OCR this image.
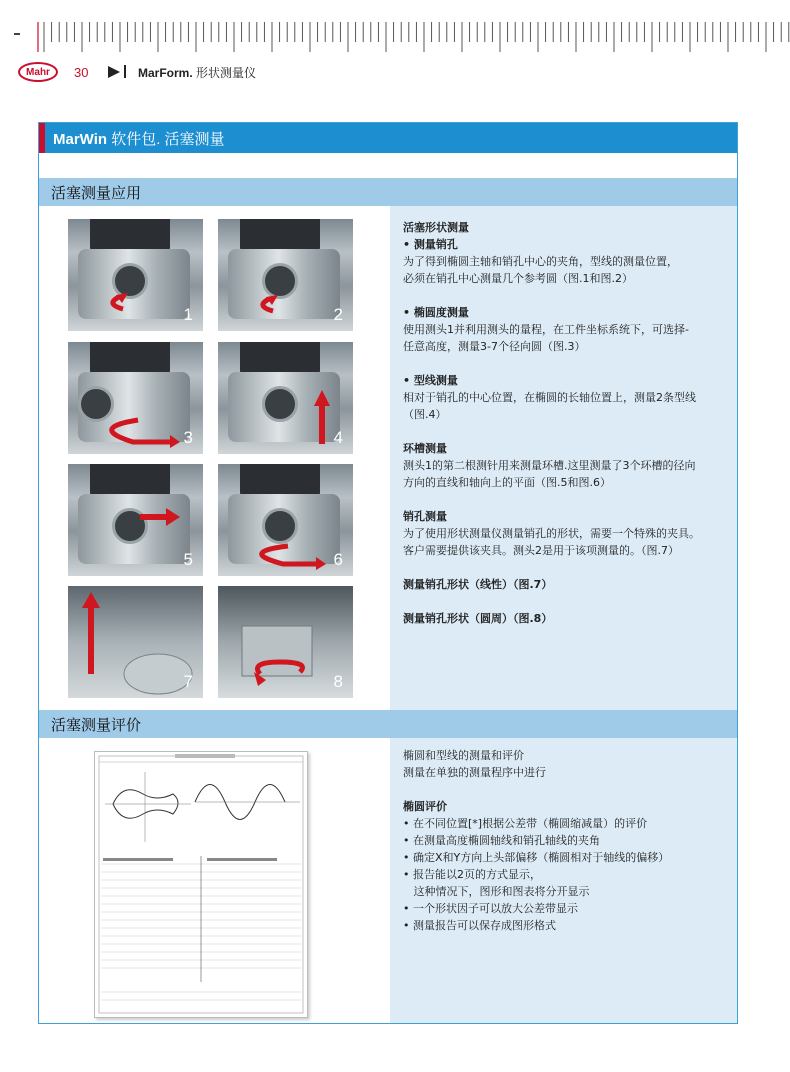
Mahr 30	MarForm. 形状测量仪
MarWin 软件包. 活塞测量
活塞测量应用
1	2
3	4
5	6
7	8

活塞形状测量

• 测量销孔

为了得到椭圆主轴和销孔中心的夹角，型线的测量位置，

必须在销孔中心测量几个参考圆（图.1和图.2）

• 椭圆度测量

使用测头1并利用测头的量程，在工件坐标系统下，可选择-

任意高度，测量3-7个径向圆（图.3）

• 型线测量

相对于销孔的中心位置，在椭圆的长轴位置上，测量2条型线

（图.4）

环槽测量

测头1的第二根测针用来测量环槽.这里测量了3个环槽的径向

方向的直线和轴向上的平面（图.5和图.6）

销孔测量

为了使用形状测量仪测量销孔的形状，需要一个特殊的夹具。

客户需要提供该夹具。测头2是用于该项测量的。（图.7）

测量销孔形状（线性）（图.7）

测量销孔形状（圆周）（图.8）

活塞测量评价

椭圆和型线的测量和评价

测量在单独的测量程序中进行

椭圆评价

• 在不同位置[*]根据公差带（椭圆缩减量）的评价

• 在测量高度椭圆轴线和销孔轴线的夹角

• 确定X和Y方向上头部偏移（椭圆相对于轴线的偏移）

• 报告能以2页的方式显示，

这种情况下，图形和图表将分开显示

• 一个形状因子可以放大公差带显示

• 测量报告可以保存成图形格式
